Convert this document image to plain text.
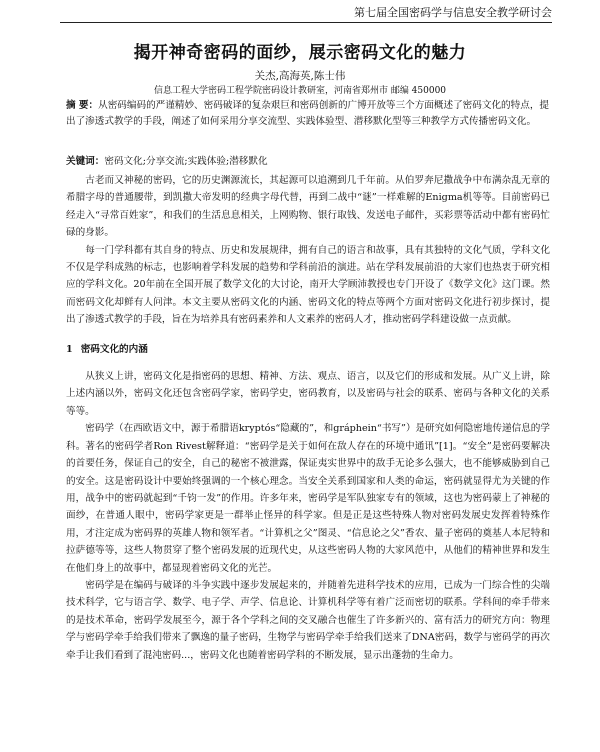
第七届全国密码学与信息安全教学研讨会
揭开神奇密码的面纱，展示密码文化的魅力
关杰,高海英,陈士伟
信息工程大学密码工程学院密码设计教研室，河南省郑州市 邮编 450000
摘 要：从密码编码的严谨精妙、密码破译的复杂艰巨和密码创新的广博开放等三个方面概述了密码文化的特点，提出了渗透式教学的手段，阐述了如何采用分享交流型、实践体验型、潜移默化型等三种教学方式传播密码文化。
关键词：密码文化;分享交流;实践体验;潜移默化

古老而又神秘的密码，它的历史渊源流长，其起源可以追溯到几千年前。从伯罗奔尼撒战争中布满杂乱无章的希腊字母的普通腰带，到凯撒大帝发明的经典字母代替，再到二战中“谜”一样难解的Enigma机等等。目前密码已经走入“寻常百姓家”，和我们的生活息息相关，上网购物、银行取钱、发送电子邮件，买彩票等活动中都有密码忙碌的身影。

每一门学科都有其自身的特点、历史和发展规律，拥有自己的语言和故事，具有其独特的文化气质，学科文化不仅是学科成熟的标志，也影响着学科发展的趋势和学科前沿的演进。站在学科发展前沿的大家们也热衷于研究相应的学科文化。20年前在全国开展了数学文化的大讨论，南开大学顾沛教授也专门开设了《数学文化》这门课。然而密码文化却鲜有人问津。本文主要从密码文化的内涵、密码文化的特点等两个方面对密码文化进行初步探讨，提出了渗透式教学的手段，旨在为培养具有密码素养和人文素养的密码人才，推动密码学科建设做一点贡献。

1 密码文化的内涵

从狭义上讲，密码文化是指密码的思想、精神、方法、观点、语言，以及它们的形成和发展。从广义上讲，除上述内涵以外，密码文化还包含密码学家，密码学史，密码教育，以及密码与社会的联系、密码与各种文化的关系等等。

密码学（在西欧语文中，源于希腊语kryptós“隐藏的”，和gráphein“书写”）是研究如何隐密地传递信息的学科。著名的密码学者Ron Rivest解释道：“密码学是关于如何在敌人存在的环境中通讯”[1]。“安全”是密码要解决的首要任务，保证自己的安全，自己的秘密不被泄露，保证夷实世界中的敌手无论多么强大，也不能够威胁到自己的安全。这是密码设计中要始终强调的一个核心理念。当安全关系到国家和人类的命运，密码就显得尤为关键的作用，战争中的密码就起到“千钧一发”的作用。许多年来，密码学是军队独家专有的领域，这也为密码蒙上了神秘的面纱，在普通人眼中，密码学家更是一群举止怪异的科学家。但是正是这些特殊人物对密码发展史发挥着特殊作用，才注定成为密码界的英雄人物和领军者。“计算机之父”图灵、“信息论之父”香农、量子密码的奠基人本尼特和拉萨德等等，这些人物贯穿了整个密码发展的近现代史，从这些密码人物的大家风范中，从他们的精神世界和发生在他们身上的故事中，都显现着密码文化的光芒。

密码学是在编码与破译的斗争实践中逐步发展起来的，并随着先进科学技术的应用，已成为一门综合性的尖端技术科学，它与语言学、数学、电子学、声学、信息论、计算机科学等有着广泛而密切的联系。学科间的牵手带来的是技术革命，密码学发展至今，源于各个学科之间的交叉融合也催生了许多新兴的、富有活力的研究方向：物理学与密码学牵手给我们带来了飘逸的量子密码，生物学与密码学牵手给我们送来了DNA密码，数学与密码学的再次牵手让我们看到了混沌密码...，密码文化也随着密码学科的不断发展，显示出蓬勃的生命力。
